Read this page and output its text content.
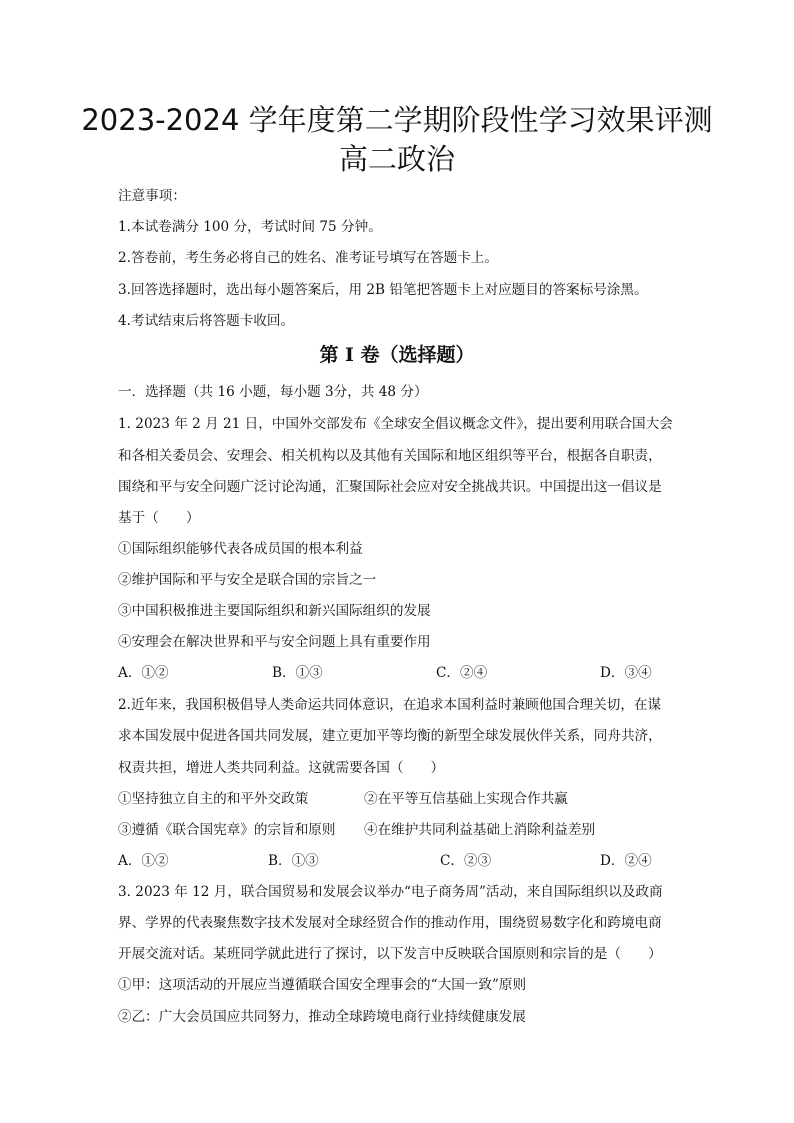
2023-2024 学年度第二学期阶段性学习效果评测
高二政治
注意事项：
1.本试卷满分 100 分，考试时间 75 分钟。
2.答卷前，考生务必将自己的姓名、准考证号填写在答题卡上。
3.回答选择题时，选出每小题答案后，用 2B 铅笔把答题卡上对应题目的答案标号涂黑。
4.考试结束后将答题卡收回。
第 I 卷（选择题）
一．选择题（共 16 小题，每小题 3分，共 48 分）
1. 2023 年 2 月 21 日，中国外交部发布《全球安全倡议概念文件》，提出要利用联合国大会
和各相关委员会、安理会、相关机构以及其他有关国际和地区组织等平台，根据各自职责，
围绕和平与安全问题广泛讨论沟通，汇聚国际社会应对安全挑战共识。中国提出这一倡议是
基于（　　）
①国际组织能够代表各成员国的根本利益
②维护国际和平与安全是联合国的宗旨之一
③中国积极推进主要国际组织和新兴国际组织的发展
④安理会在解决世界和平与安全问题上具有重要作用
A．①②	B．①③	C．②④	D．③④
2.近年来，我国积极倡导人类命运共同体意识，在追求本国利益时兼顾他国合理关切，在谋
求本国发展中促进各国共同发展，建立更加平等均衡的新型全球发展伙伴关系，同舟共济，
权责共担，增进人类共同利益。这就需要各国（　　）
①坚持独立自主的和平外交政策	②在平等互信基础上实现合作共赢
③遵循《联合国宪章》的宗旨和原则 ④在维护共同利益基础上消除利益差别
A．①②	B．①③	C．②③	D．②④
3. 2023 年 12 月，联合国贸易和发展会议举办“电子商务周”活动，来自国际组织以及政商
界、学界的代表聚焦数字技术发展对全球经贸合作的推动作用，围绕贸易数字化和跨境电商
开展交流对话。某班同学就此进行了探讨，以下发言中反映联合国原则和宗旨的是（　　）
①甲：这项活动的开展应当遵循联合国安全理事会的“大国一致”原则
②乙：广大会员国应共同努力，推动全球跨境电商行业持续健康发展
